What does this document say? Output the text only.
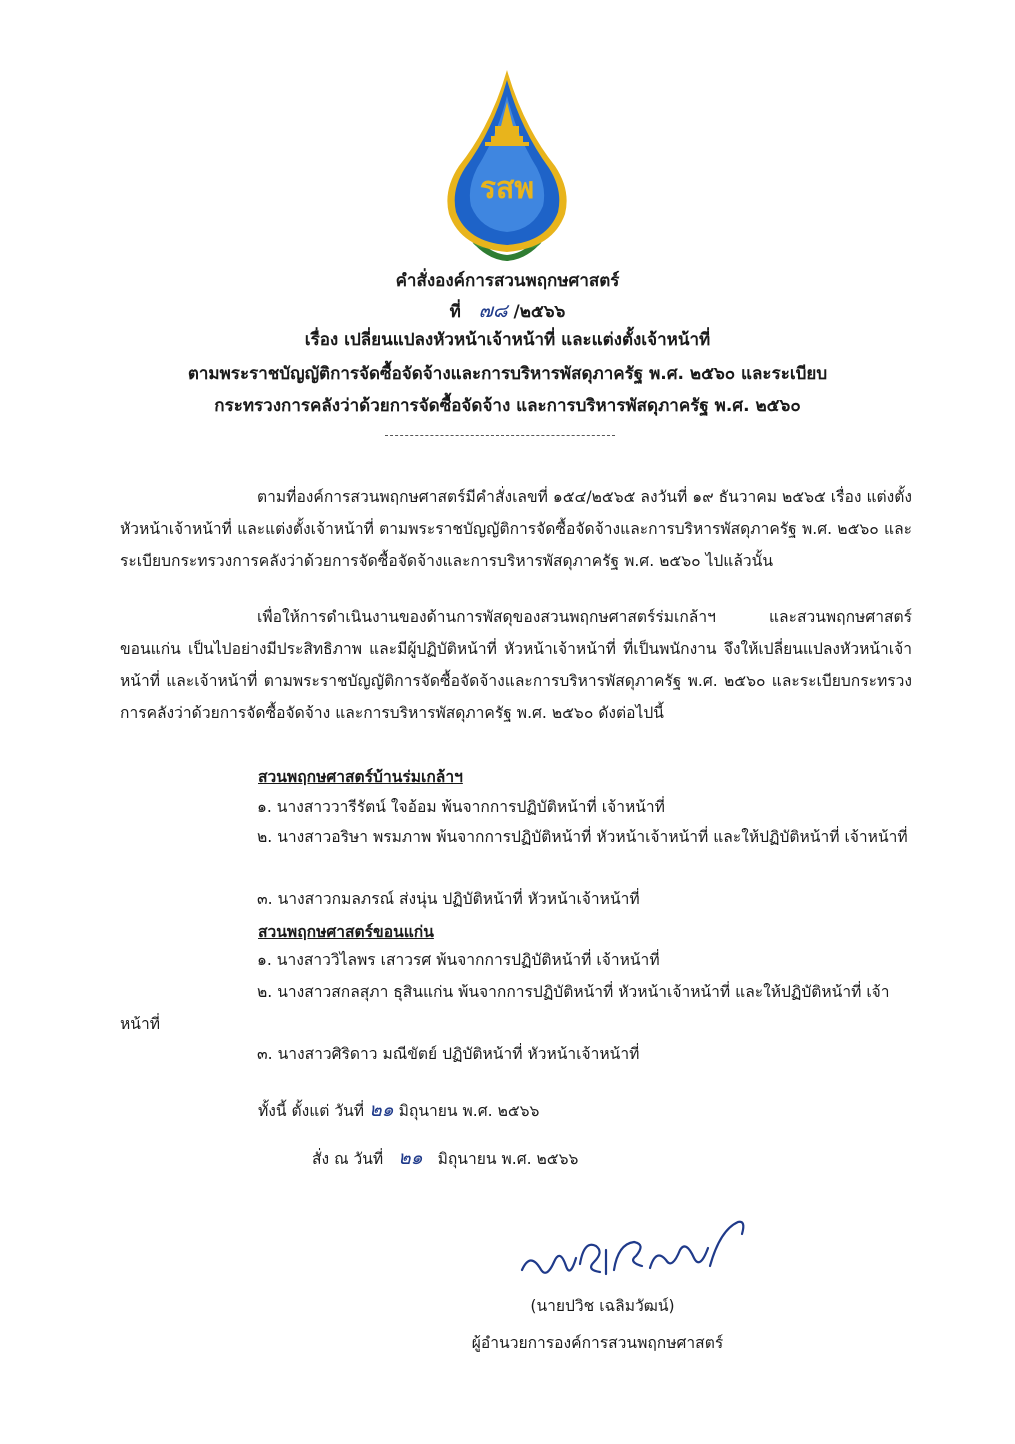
รสพ
คำสั่งองค์การสวนพฤกษศาสตร์
ที่ ๗๘ /๒๕๖๖
เรื่อง เปลี่ยนแปลงหัวหน้าเจ้าหน้าที่ และแต่งตั้งเจ้าหน้าที่
ตามพระราชบัญญัติการจัดซื้อจัดจ้างและการบริหารพัสดุภาครัฐ พ.ศ. ๒๕๖๐ และระเบียบ
กระทรวงการคลังว่าด้วยการจัดซื้อจัดจ้าง และการบริหารพัสดุภาครัฐ พ.ศ. ๒๕๖๐

ตามที่องค์การสวนพฤกษศาสตร์มีคำสั่งเลขที่ ๑๕๔/๒๕๖๕ ลงวันที่ ๑๙ ธันวาคม ๒๕๖๕ เรื่อง แต่งตั้งหัวหน้าเจ้าหน้าที่ และแต่งตั้งเจ้าหน้าที่ ตามพระราชบัญญัติการจัดซื้อจัดจ้างและการบริหารพัสดุภาครัฐ พ.ศ. ๒๕๖๐ และระเบียบกระทรวงการคลังว่าด้วยการจัดซื้อจัดจ้างและการบริหารพัสดุภาครัฐ พ.ศ. ๒๕๖๐ ไปแล้วนั้น

เพื่อให้การดำเนินงานของด้านการพัสดุของสวนพฤกษศาสตร์ร่มเกล้าฯ และสวนพฤกษศาสตร์ขอนแก่น เป็นไปอย่างมีประสิทธิภาพ และมีผู้ปฏิบัติหน้าที่ หัวหน้าเจ้าหน้าที่ ที่เป็นพนักงาน จึงให้เปลี่ยนแปลงหัวหน้าเจ้าหน้าที่ และเจ้าหน้าที่ ตามพระราชบัญญัติการจัดซื้อจัดจ้างและการบริหารพัสดุภาครัฐ พ.ศ. ๒๕๖๐ และระเบียบกระทรวงการคลังว่าด้วยการจัดซื้อจัดจ้าง และการบริหารพัสดุภาครัฐ พ.ศ. ๒๕๖๐ ดังต่อไปนี้

สวนพฤกษศาสตร์บ้านร่มเกล้าฯ

๑. นางสาววารีรัตน์ ใจอ้อม พ้นจากการปฏิบัติหน้าที่ เจ้าหน้าที่

๒. นางสาวอริษา พรมภาพ พ้นจากการปฏิบัติหน้าที่ หัวหน้าเจ้าหน้าที่ และให้ปฏิบัติหน้าที่ เจ้าหน้าที่

๓. นางสาวกมลภรณ์ ส่งนุ่น ปฏิบัติหน้าที่ หัวหน้าเจ้าหน้าที่

สวนพฤกษศาสตร์ขอนแก่น

๑. นางสาววิไลพร เสาวรศ พ้นจากการปฏิบัติหน้าที่ เจ้าหน้าที่

๒. นางสาวสกลสุภา ธุสินแก่น พ้นจากการปฏิบัติหน้าที่ หัวหน้าเจ้าหน้าที่ และให้ปฏิบัติหน้าที่ เจ้าหน้าที่

๓. นางสาวศิริดาว มณีขัตย์ ปฏิบัติหน้าที่ หัวหน้าเจ้าหน้าที่

ทั้งนี้ ตั้งแต่ วันที่ ๒๑ มิถุนายน พ.ศ. ๒๕๖๖

สั่ง ณ วันที่ ๒๑ มิถุนายน พ.ศ. ๒๕๖๖

(นายปวิช เฉลิมวัฒน์)
ผู้อำนวยการองค์การสวนพฤกษศาสตร์
